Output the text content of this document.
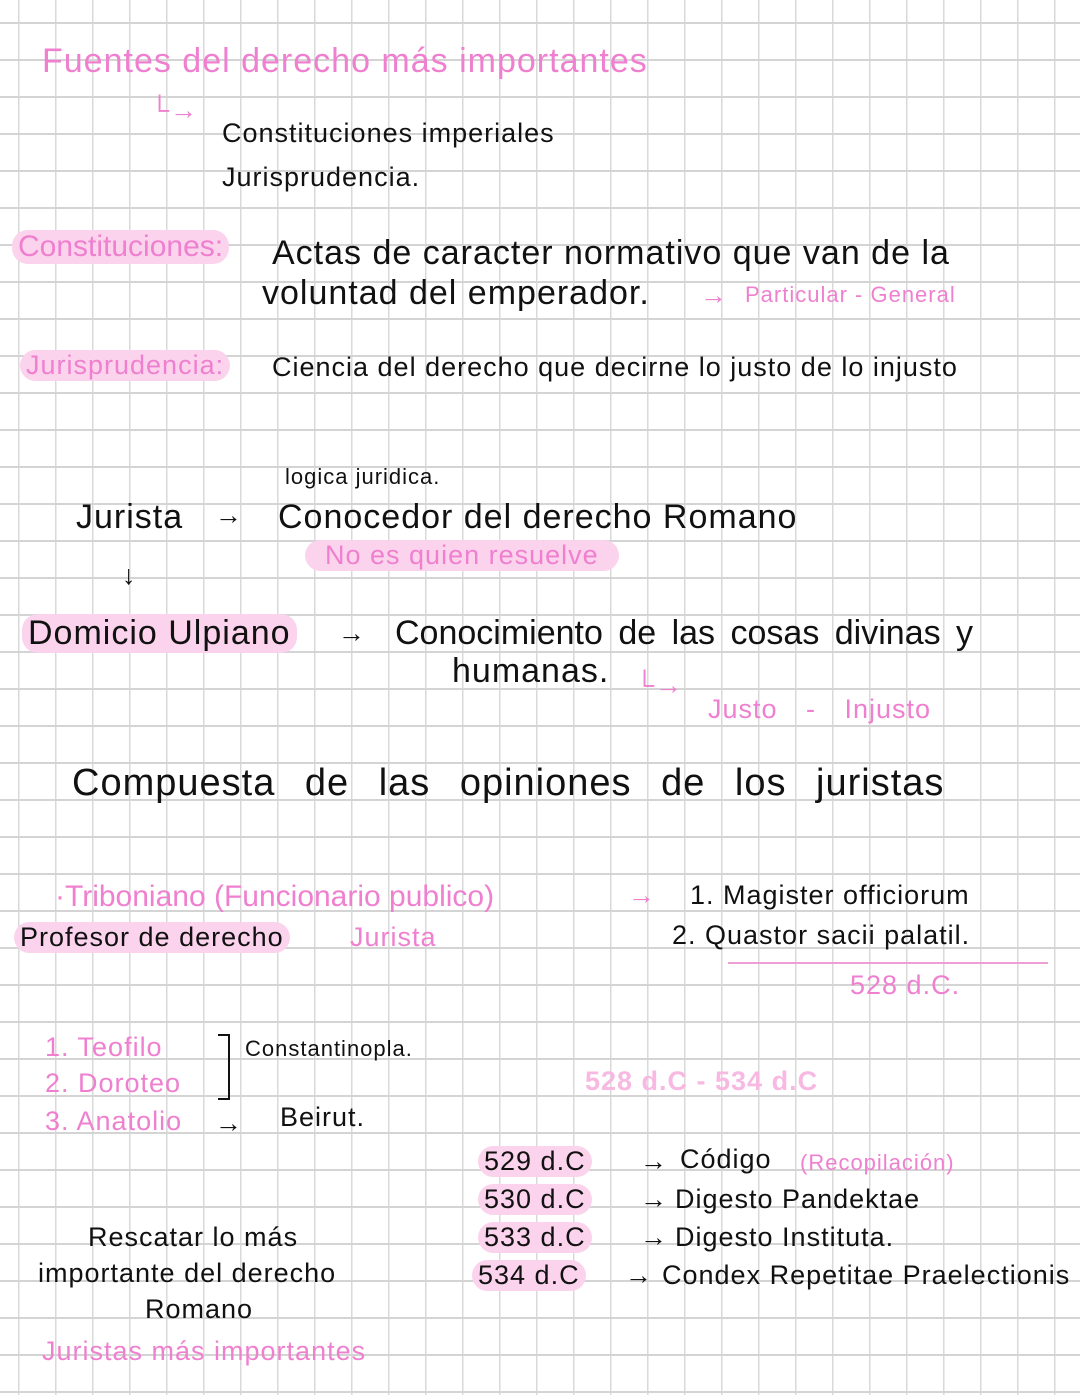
Fuentes del derecho más importantes
└→
Constituciones imperiales
Jurisprudencia.
Constituciones: Actas de caracter normativo que van de la
voluntad del emperador. → Particular - General
Jurisprudencia: Ciencia del derecho que decirne lo justo de lo injusto
logica juridica.
Jurista → Conocedor del derecho Romano
No es quien resuelve
↓
Domicio Ulpiano → Conocimiento de las cosas divinas y
humanas. └→
Justo - Injusto
Compuesta de las opiniones de los juristas
·Triboniano (Funcionario publico)	→ 1. Magister officiorum
2. Quastor sacii palatil.
Profesor de derecho Jurista
528 d.C.
1. Teofilo
2. Doroteo
3. Anatolio
Constantinopla.
→ Beirut.
528 d.C - 534 d.C
529 d.C → Código (Recopilación)
530 d.C → Digesto Pandektae
533 d.C → Digesto Instituta.
534 d.C → Condex Repetitae Praelectionis
Rescatar lo más
importante del derecho
Romano
Juristas más importantes
